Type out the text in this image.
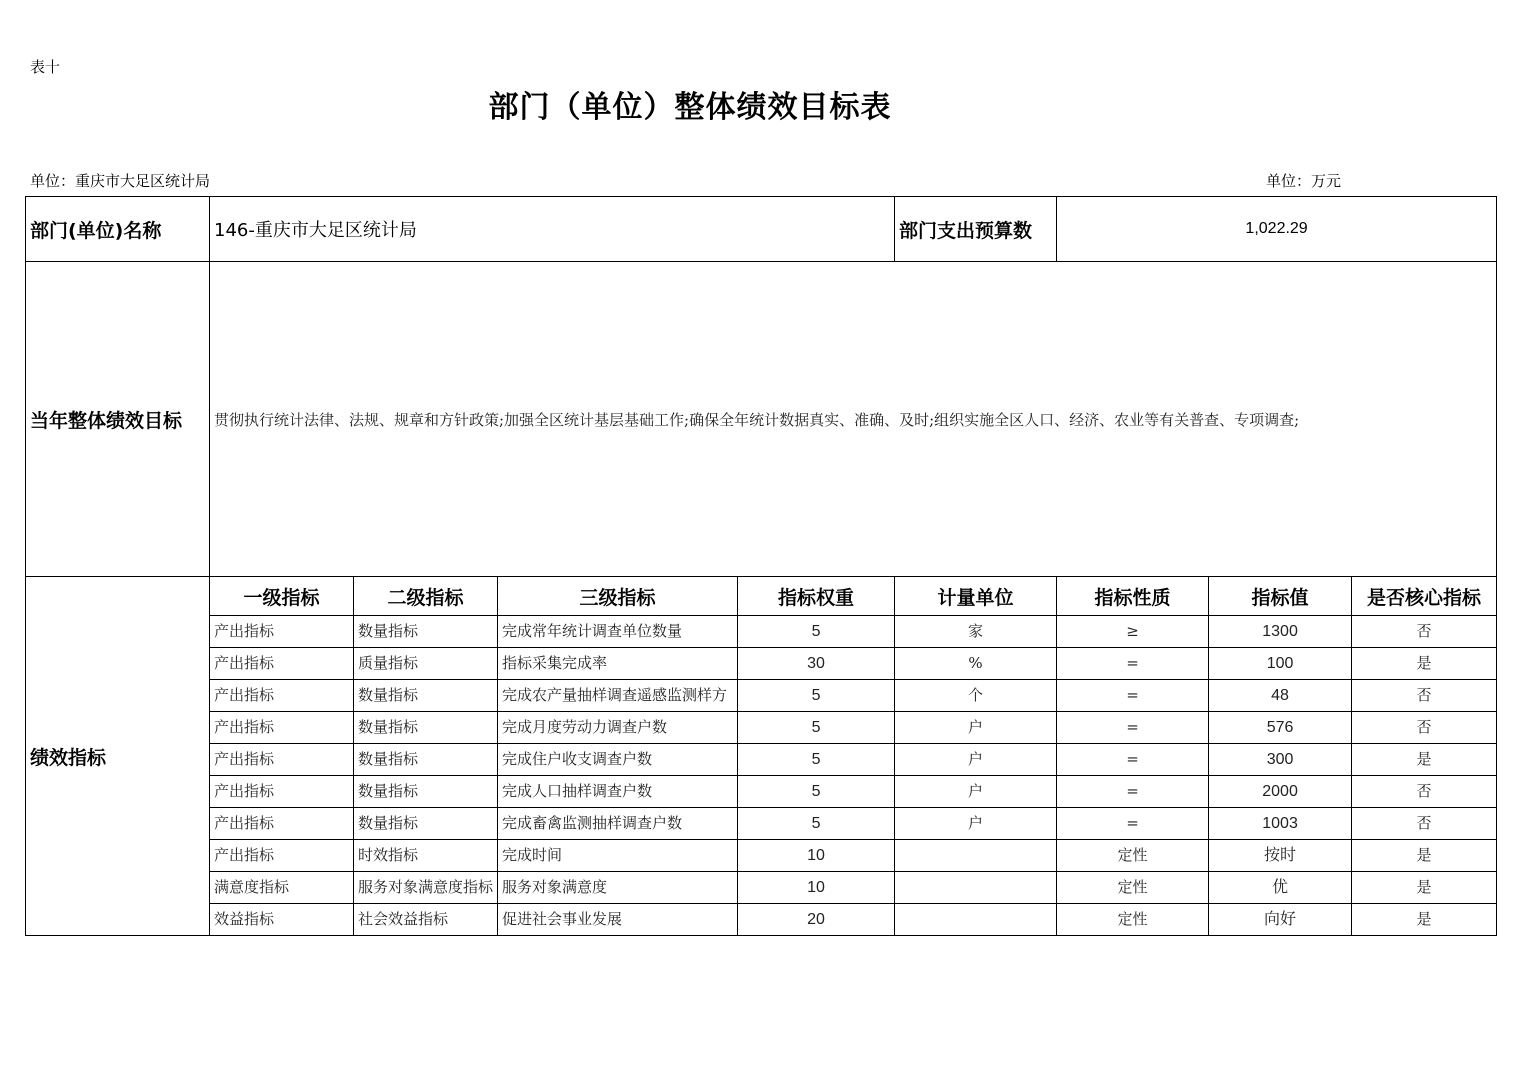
表十
部门（单位）整体绩效目标表
单位：重庆市大足区统计局	单位：万元
部门(单位)名称	146-重庆市大足区统计局				部门支出预算数	1,022.29		
当年整体绩效目标	贯彻执行统计法律、法规、规章和方针政策;加强全区统计基层基础工作;确保全年统计数据真实、准确、及时;组织实施全区人口、经济、农业等有关普查、专项调查;							
绩效指标	一级指标	二级指标	三级指标	指标权重	计量单位	指标性质	指标值	是否核心指标
	产出指标	数量指标	完成常年统计调查单位数量	5	家	≥	1300	否
	产出指标	质量指标	指标采集完成率	30	%	=	100	是
	产出指标	数量指标	完成农产量抽样调查遥感监测样方	5	个	=	48	否
	产出指标	数量指标	完成月度劳动力调查户数	5	户	=	576	否
	产出指标	数量指标	完成住户收支调查户数	5	户	=	300	是
	产出指标	数量指标	完成人口抽样调查户数	5	户	=	2000	否
	产出指标	数量指标	完成畜禽监测抽样调查户数	5	户	=	1003	否
	产出指标	时效指标	完成时间	10		定性	按时	是
	满意度指标	服务对象满意度指标	服务对象满意度	10		定性	优	是
	效益指标	社会效益指标	促进社会事业发展	20		定性	向好	是
